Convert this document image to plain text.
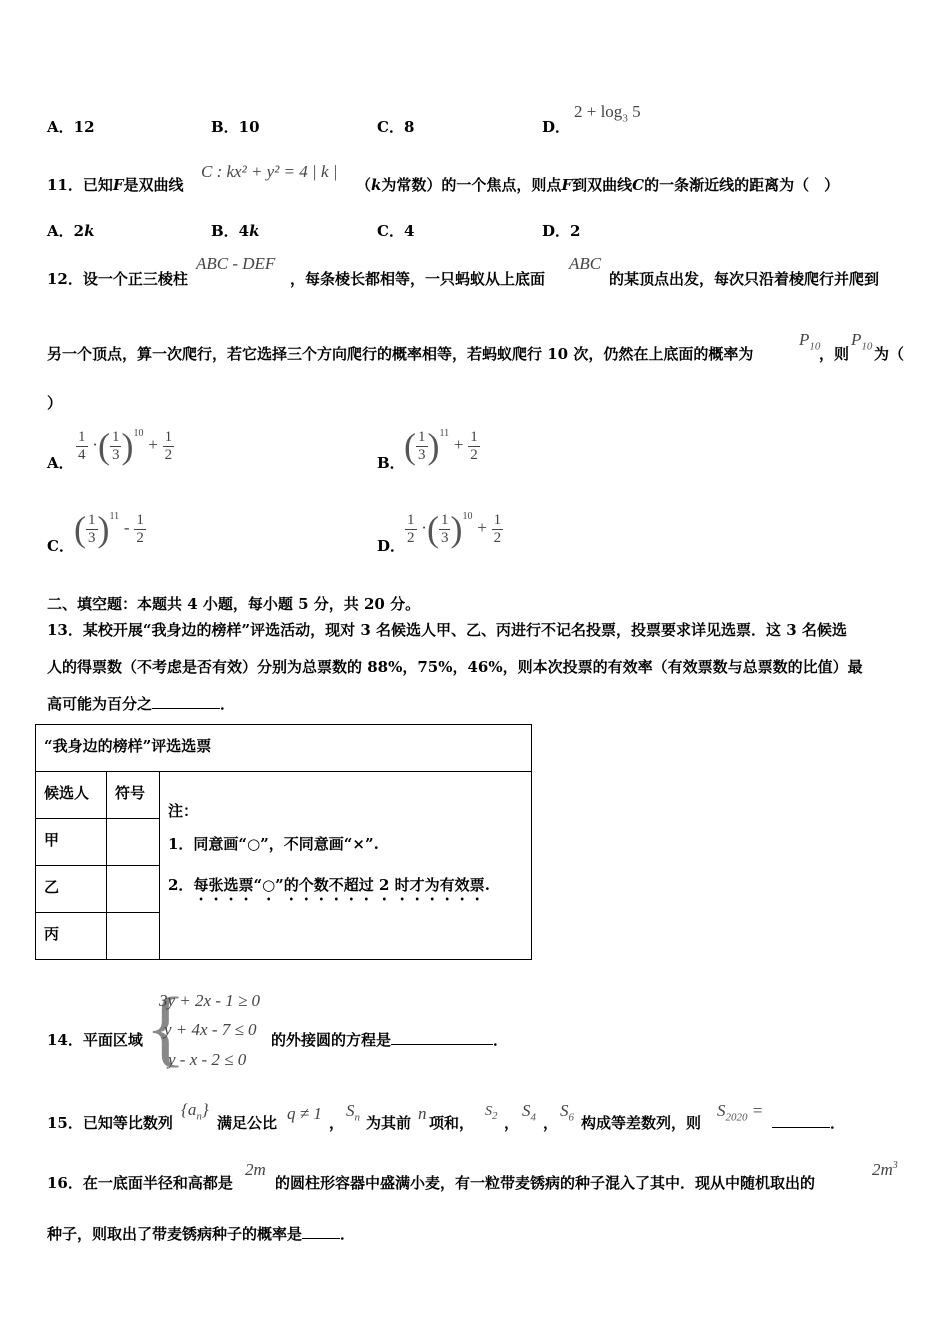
A．12	B．10	C．8	D．
$2 + \log_3 5$
11．已知F是双曲线
C : kx² + y² = 4 | k |
（k为常数）的一个焦点，则点F到双曲线C的一条渐近线的距离为（　）
A．2k	B．4k	C．4	D．2
12．设一个正三棱柱
ABC - DEF
，每条棱长都相等，一只蚂蚁从上底面
ABC
的某顶点出发，每次只沿着棱爬行并爬到
另一个顶点，算一次爬行，若它选择三个方向爬行的概率相等，若蚂蚁爬行 10 次，仍然在上底面的概率为
$P_{10}$
，则
$P_{10}$ 为（
）
A． $\frac{1}{4}$ ·( $\frac{1}{3} )^{10} + \frac{1}{2}$	B． ( $\frac{1}{3} )^{11} + \frac{1}{2}$
C． ( $\frac{1}{3} )^{11} - \frac{1}{2}$	D． $\frac{1}{2}$ ·( $\frac{1}{3} )^{10} + \frac{1}{2}$
二、填空题：本题共 4 小题，每小题 5 分，共 20 分。
13．某校开展“我身边的榜样”评选活动，现对 3 名候选人甲、乙、丙进行不记名投票，投票要求详见选票．这 3 名候选
人的得票数（不考虑是否有效）分别为总票数的 88%，75%，46%，则本次投票的有效率（有效票数与总票数的比值）最
高可能为百分之	．
“我身边的榜样”评选选票		
候选人	符号	注：
1．同意画“○”，不同意画“×”.
2．每张选票“○”的个数不超过 2 时才为有效票.

甲		
乙		
丙		
14．平面区域 {
3y + 2x - 1 ≥ 0
y + 4x - 7 ≤ 0
y - x - 2 ≤ 0
的外接圆的方程是	．
15．已知等比数列
$\{a_n\}$
满足公比 q ≠ 1 ，
$S_n$ 为其前 n 项和，
$S_2$ ，
$S_4$ ，
$S_6$ 构成等差数列，则
$S_{2020}$ =
．
16．在一底面半径和高都是
2m
的圆柱形容器中盛满小麦，有一粒带麦锈病的种子混入了其中．现从中随机取出的
$2m^3$
种子，则取出了带麦锈病种子的概率是	．
